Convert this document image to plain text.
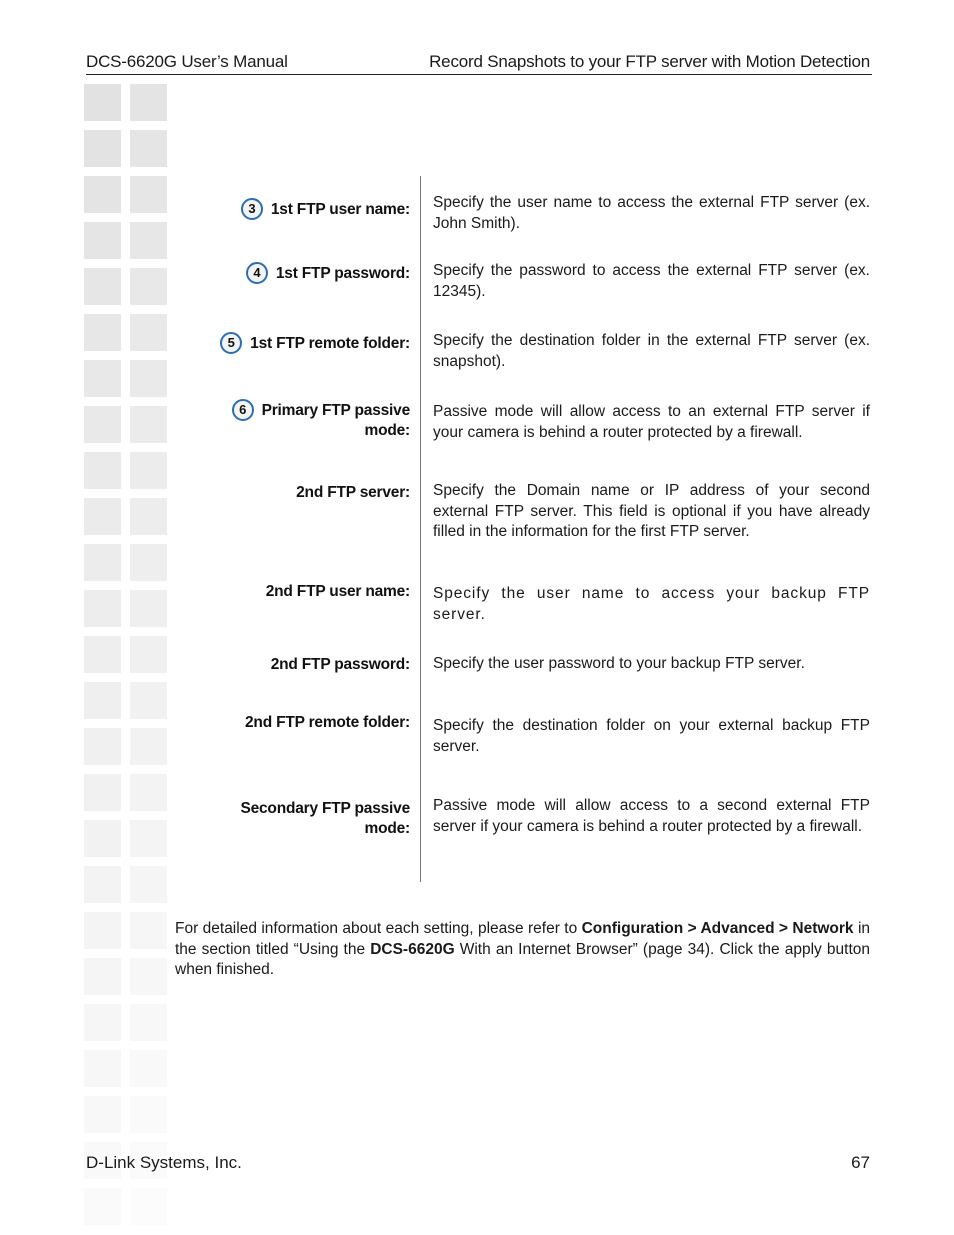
DCS-6620G User’s Manual	Record Snapshots to your FTP server with Motion Detection
3 1st FTP user name: Specify the user name to access the external FTP server (ex. John Smith).
4 1st FTP password: Specify the password to access the external FTP server (ex. 12345).
5 1st FTP remote folder: Specify the destination folder in the external FTP server (ex. snapshot).
6 Primary FTP passive
mode:
Passive mode will allow access to an external FTP server if your camera is behind a router protected by a firewall.
2nd FTP server: Specify the Domain name or IP address of your second external FTP server. This field is optional if you have already filled in the information for the first FTP server.
2nd FTP user name: Specify the user name to access your backup FTP server.
2nd FTP password: Specify the user password to your backup FTP server.
2nd FTP remote folder: Specify the destination folder on your external backup FTP server.
Secondary FTP passive
mode:
Passive mode will allow access to a second external FTP server if your camera is behind a router protected by a firewall.
For detailed information about each setting, please refer to Configuration > Advanced > Network in the section titled “Using the DCS-6620G With an Internet Browser” (page 34). Click the apply button when finished.
D-Link Systems, Inc.	67
